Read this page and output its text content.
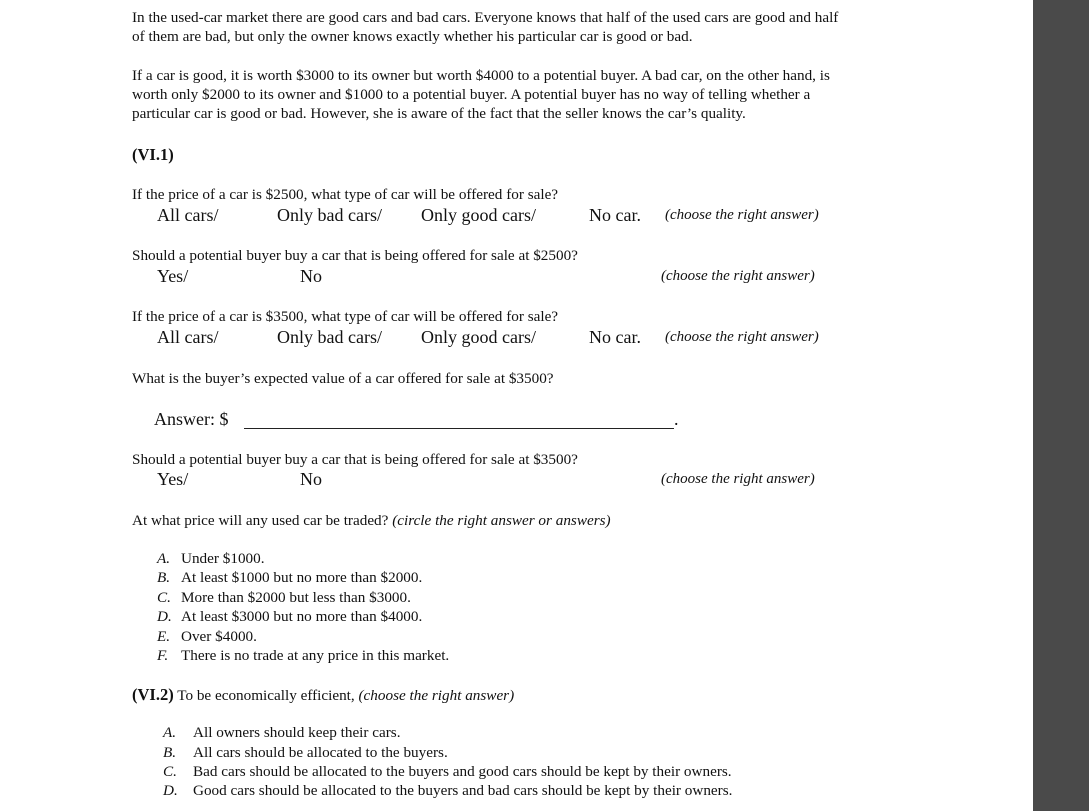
In the used-car market there are good cars and bad cars. Everyone knows that half of the used cars are good and half
of them are bad, but only the owner knows exactly whether his particular car is good or bad.
If a car is good, it is worth $3000 to its owner but worth $4000 to a potential buyer. A bad car, on the other hand, is
worth only $2000 to its owner and $1000 to a potential buyer. A potential buyer has no way of telling whether a
particular car is good or bad. However, she is aware of the fact that the seller knows the car’s quality.
(VI.1)
If the price of a car is $2500, what type of car will be offered for sale?
All cars/	Only bad cars/ Only good cars/	No car. (choose the right answer)
Should a potential buyer buy a car that is being offered for sale at $2500?
Yes/	No	(choose the right answer)
If the price of a car is $3500, what type of car will be offered for sale?
All cars/	Only bad cars/ Only good cars/	No car. (choose the right answer)
What is the buyer’s expected value of a car offered for sale at $3500?
Answer: $	.
Should a potential buyer buy a car that is being offered for sale at $3500?
Yes/	No	(choose the right answer)
At what price will any used car be traded? (circle the right answer or answers)
A. Under $1000.
B. At least $1000 but no more than $2000.
C. More than $2000 but less than $3000.
D. At least $3000 but no more than $4000.
E. Over $4000.
F. There is no trade at any price in this market.
(VI.2) To be economically efficient, (choose the right answer)
A. All owners should keep their cars.
B. All cars should be allocated to the buyers.
C. Bad cars should be allocated to the buyers and good cars should be kept by their owners.
D. Good cars should be allocated to the buyers and bad cars should be kept by their owners.
